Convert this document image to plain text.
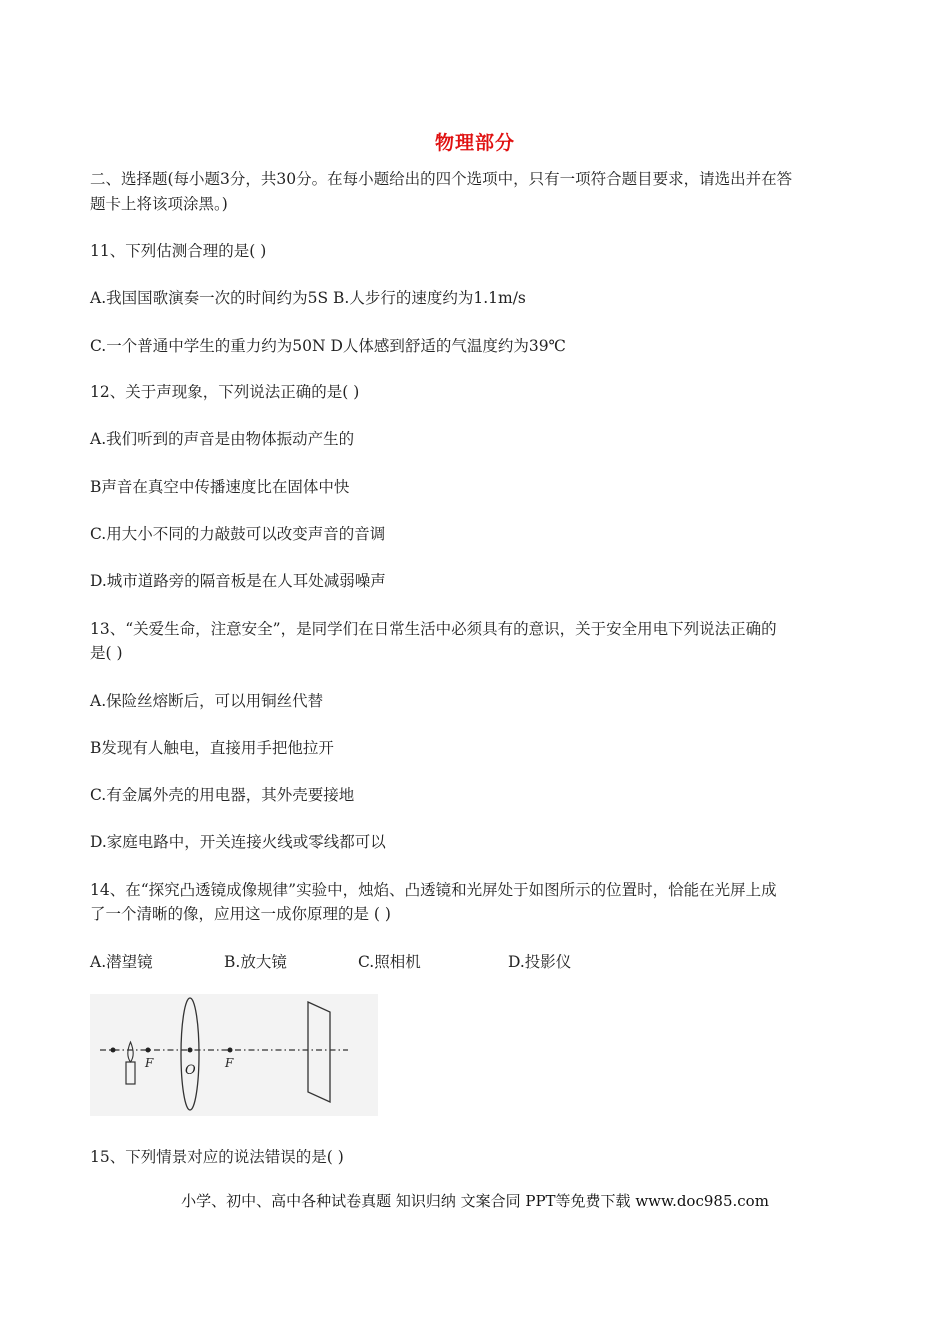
物理部分
二、选择题(每小题3分，共30分。在每小题给出的四个选项中，只有一项符合题目要求，请选出并在答
题卡上将该项涂黑。)
11、下列估测合理的是( )
A.我国国歌演奏一次的时间约为5S B.人步行的速度约为1.1m/s
C.一个普通中学生的重力约为50N D人体感到舒适的气温度约为39℃
12、关于声现象，下列说法正确的是( )
A.我们听到的声音是由物体振动产生的
B声音在真空中传播速度比在固体中快
C.用大小不同的力敲鼓可以改变声音的音调
D.城市道路旁的隔音板是在人耳处减弱噪声
13、“关爱生命，注意安全”，是同学们在日常生活中必须具有的意识，关于安全用电下列说法正确的
是( )
A.保险丝熔断后，可以用铜丝代替
B发现有人触电，直接用手把他拉开
C.有金属外壳的用电器，其外壳要接地
D.家庭电路中，开关连接火线或零线都可以
14、在“探究凸透镜成像规律”实验中，烛焰、凸透镜和光屏处于如图所示的位置时，恰能在光屏上成
了一个清晰的像，应用这一成你原理的是 ( )
A.潜望镜	B.放大镜	C.照相机	D.投影仪
F O F
15、下列情景对应的说法错误的是( )
小学、初中、高中各种试卷真题 知识归纳 文案合同 PPT等免费下载 www.doc985.com
